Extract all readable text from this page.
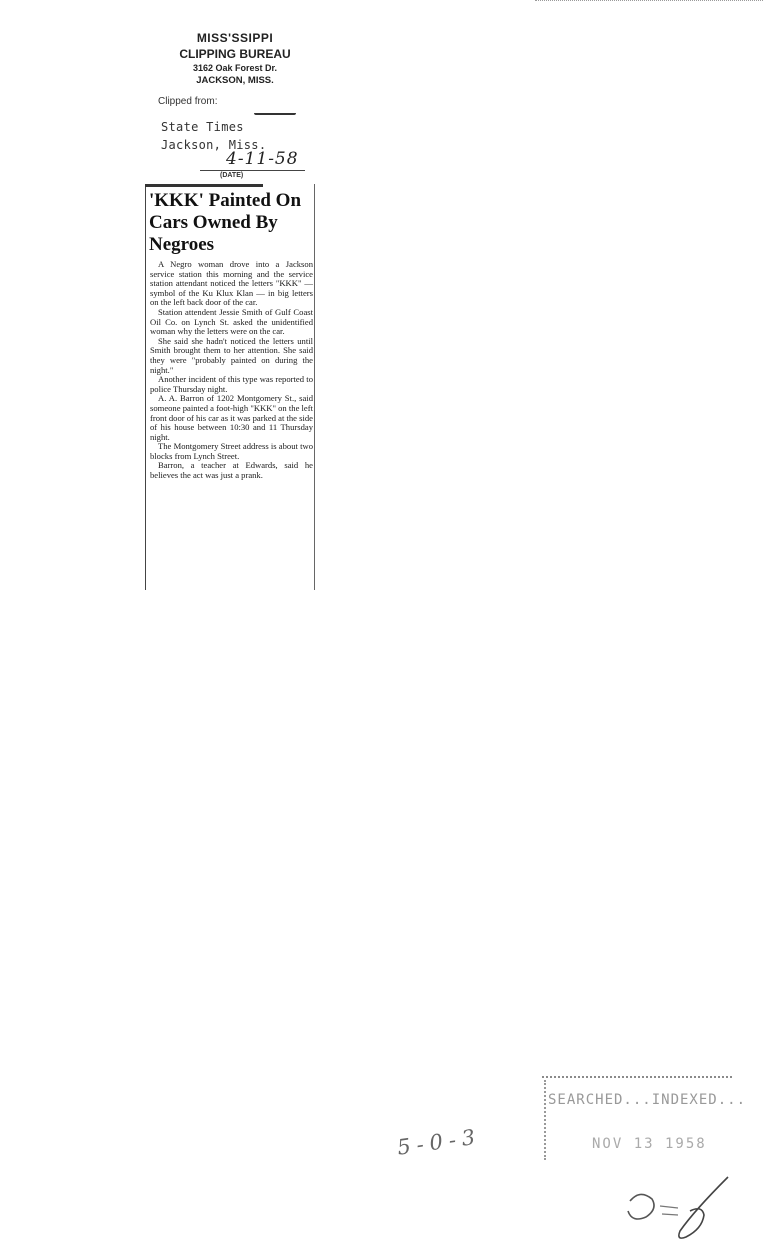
MISS'SSIPPI
CLIPPING BUREAU
3162 Oak Forest Dr.
JACKSON, MISS.
Clipped from:
State Times
Jackson, Miss.
4-11-58
(DATE)
'KKK' Painted On Cars Owned By Negroes

A Negro woman drove into a Jackson service station this morning and the service station attendant noticed the letters "KKK" — symbol of the Ku Klux Klan — in big letters on the left back door of the car.

Station attendent Jessie Smith of Gulf Coast Oil Co. on Lynch St. asked the unidentified woman why the letters were on the car.

She said she hadn't noticed the letters until Smith brought them to her attention. She said they were "probably painted on during the night."

Another incident of this type was reported to police Thursday night.

A. A. Barron of 1202 Montgomery St., said someone painted a foot-high "KKK" on the left front door of his car as it was parked at the side of his house between 10:30 and 11 Thursday night.

The Montgomery Street address is about two blocks from Lynch Street.

Barron, a teacher at Edwards, said he believes the act was just a prank.

5-0-3
SEARCHED...INDEXED...
NOV 13 1958
